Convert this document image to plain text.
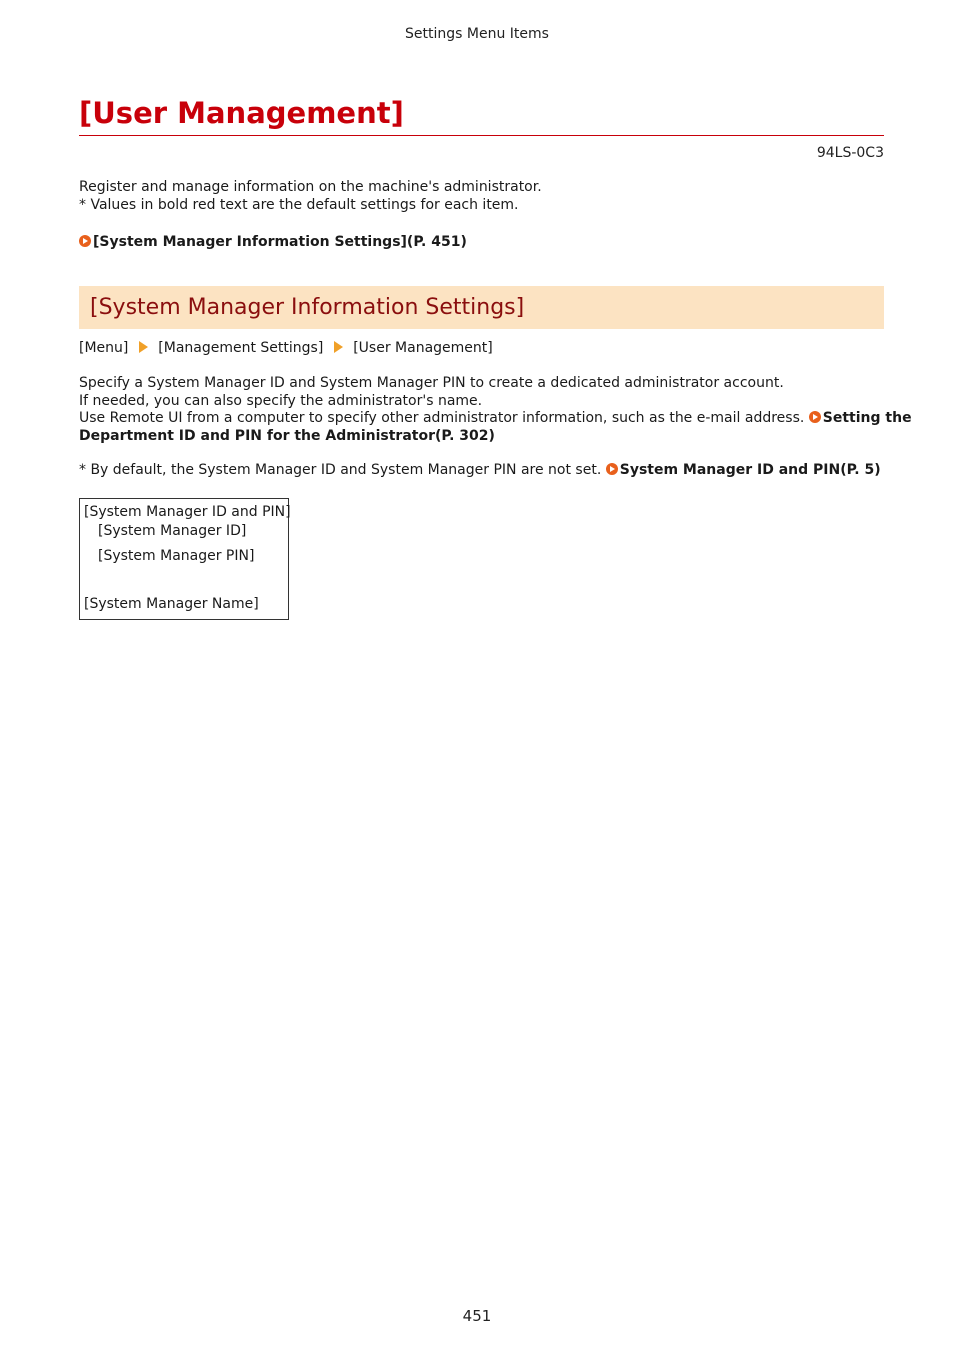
Settings Menu Items
[User Management]
94LS-0C3
Register and manage information on the machine's administrator.
* Values in bold red text are the default settings for each item.
[System Manager Information Settings](P. 451)
[System Manager Information Settings]
[Menu] [Management Settings] [User Management]
Specify a System Manager ID and System Manager PIN to create a dedicated administrator account.
If needed, you can also specify the administrator's name.
Use Remote UI from a computer to specify other administrator information, such as the e-mail address. Setting the
Department ID and PIN for the Administrator(P. 302)
* By default, the System Manager ID and System Manager PIN are not set. System Manager ID and PIN(P. 5)
[System Manager ID and PIN]
[System Manager ID]
[System Manager PIN]
[System Manager Name]
451
